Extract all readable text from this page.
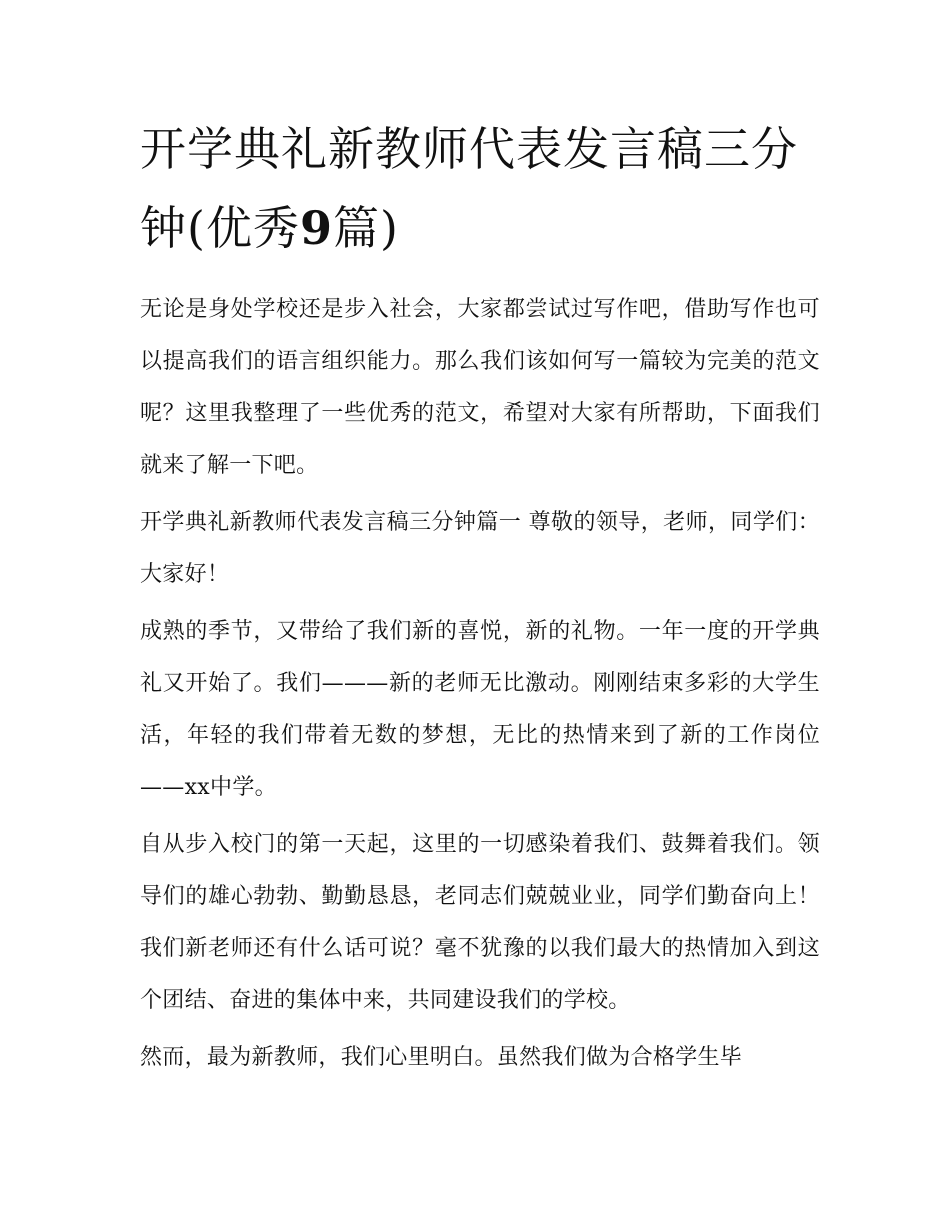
开学典礼新教师代表发言稿三分钟(优秀9篇)

无论是身处学校还是步入社会，大家都尝试过写作吧，借助写作也可以提高我们的语言组织能力。那么我们该如何写一篇较为完美的范文呢？这里我整理了一些优秀的范文，希望对大家有所帮助，下面我们就来了解一下吧。

开学典礼新教师代表发言稿三分钟篇一 尊敬的领导，老师，同学们： 大家好！

成熟的季节，又带给了我们新的喜悦，新的礼物。一年一度的开学典礼又开始了。我们———新的老师无比激动。刚刚结束多彩的大学生活，年轻的我们带着无数的梦想，无比的热情来到了新的工作岗位——xx中学。

自从步入校门的第一天起，这里的一切感染着我们、鼓舞着我们。领导们的雄心勃勃、勤勤恳恳，老同志们兢兢业业，同学们勤奋向上！我们新老师还有什么话可说？毫不犹豫的以我们最大的热情加入到这个团结、奋进的集体中来，共同建设我们的学校。

然而，最为新教师，我们心里明白。虽然我们做为合格学生毕
